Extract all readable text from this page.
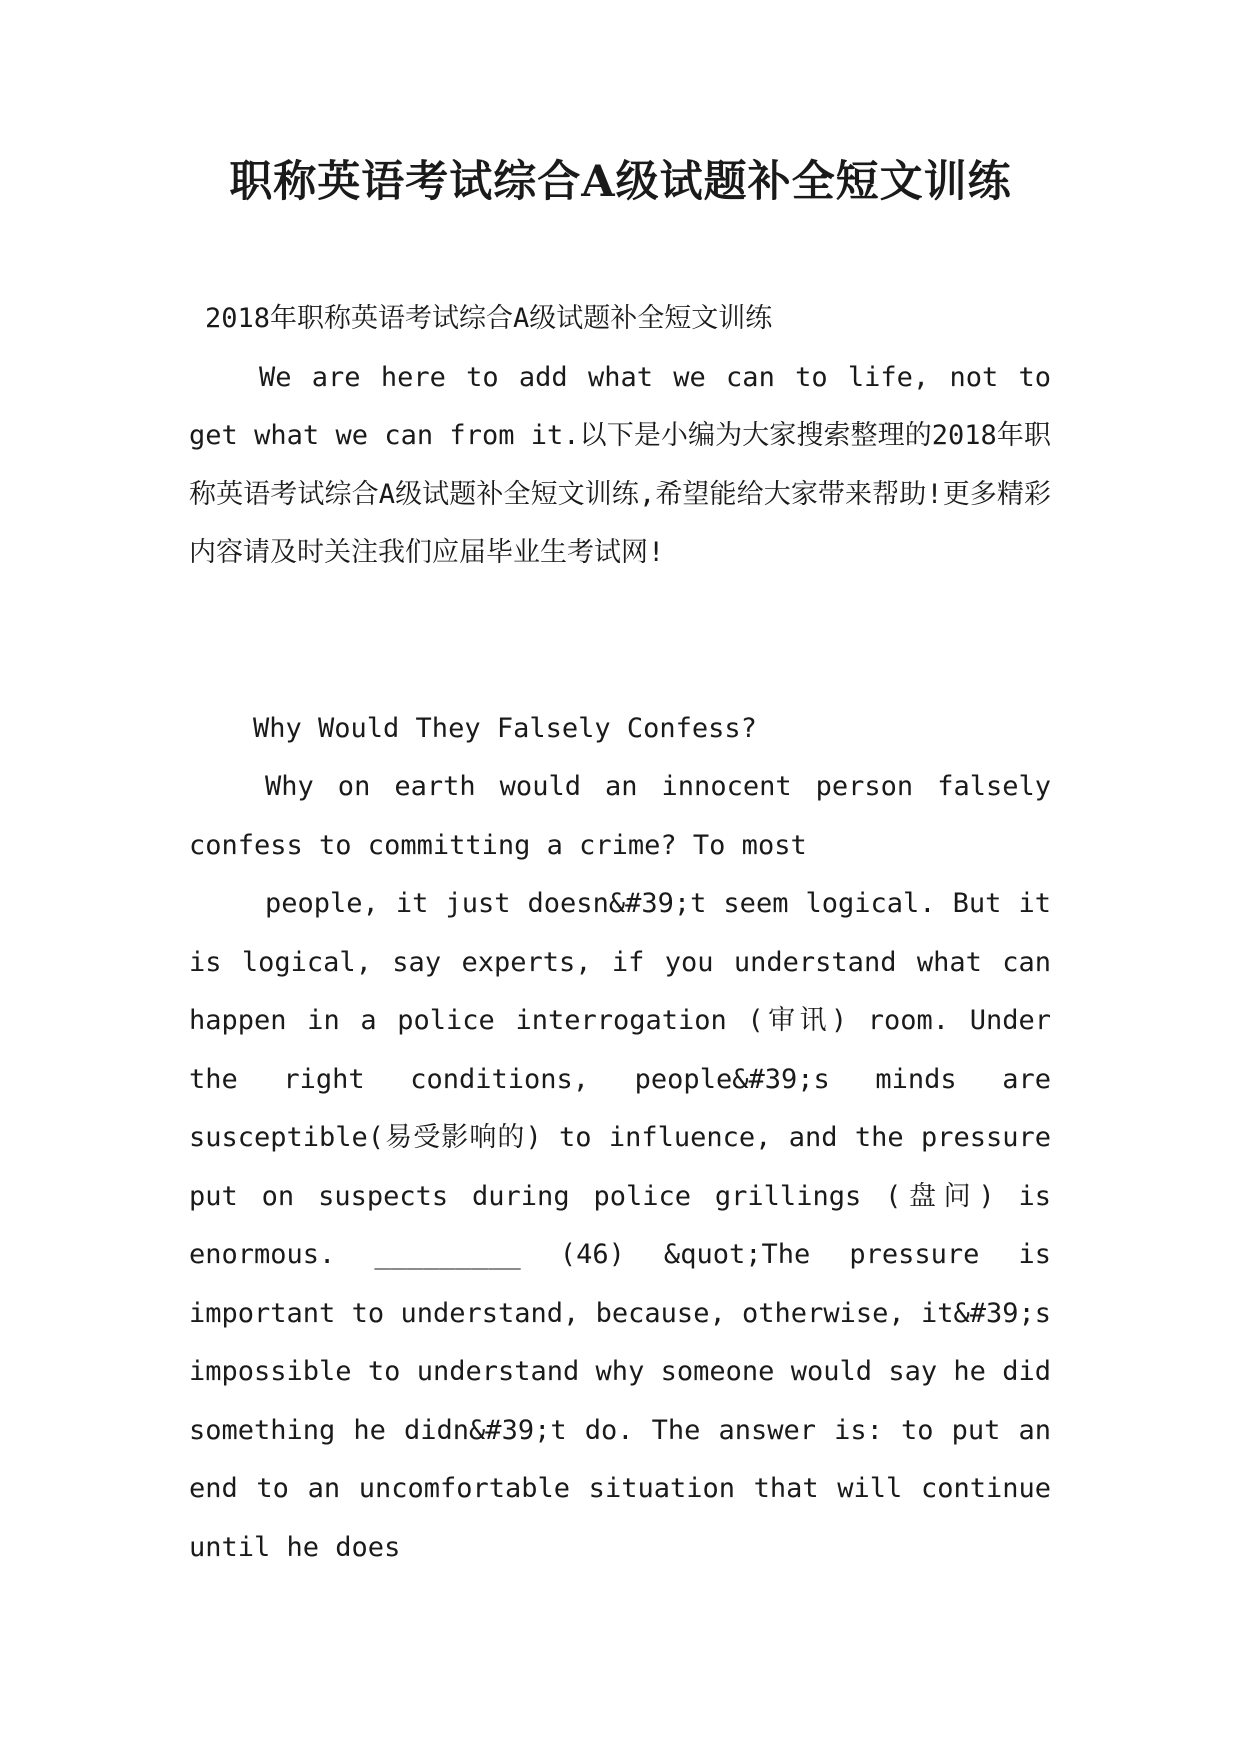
职称英语考试综合A级试题补全短文训练

2018年职称英语考试综合A级试题补全短文训练

We are here to add what we can to life, not to get what we can from it.以下是小编为大家搜索整理的2018年职称英语考试综合A级试题补全短文训练,希望能给大家带来帮助!更多精彩内容请及时关注我们应届毕业生考试网!

Why Would They Falsely Confess?

Why on earth would an innocent person falsely confess to committing a crime? To most

people, it just doesn&#39;t seem logical. But it is logical, say experts, if you understand what can happen in a police interrogation (审讯) room. Under the right conditions, people&#39;s minds are susceptible(易受影响的) to influence, and the pressure put on suspects during police grillings (盘问) is enormous. _________ (46) &quot;The pressure is important to understand, because, otherwise, it&#39;s impossible to understand why someone would say he did something he didn&#39;t do. The answer is: to put an end to an uncomfortable situation that will continue until he does
